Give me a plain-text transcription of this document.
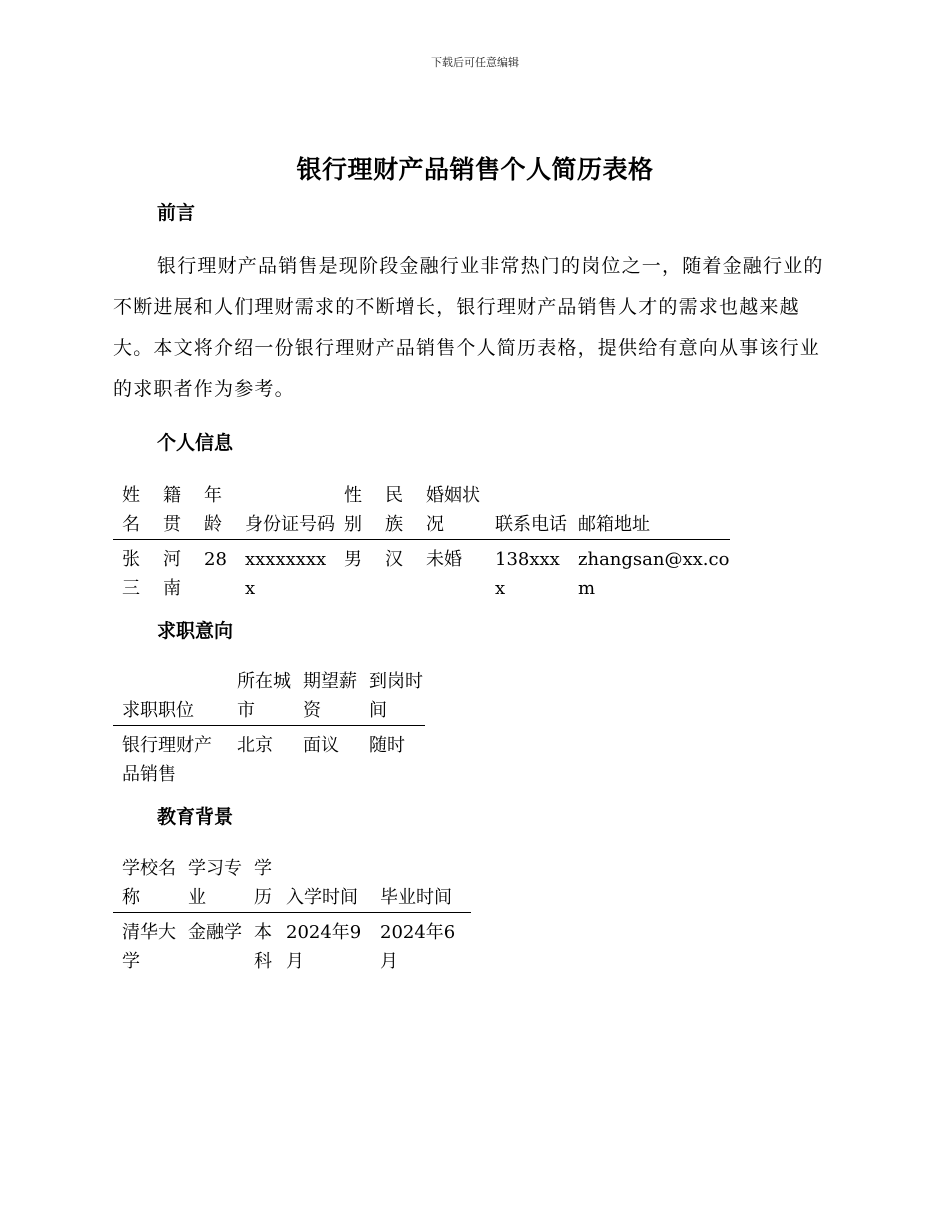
下载后可任意编辑
银行理财产品销售个人简历表格
前言

银行理财产品销售是现阶段金融行业非常热门的岗位之一，随着金融行业的不断进展和人们理财需求的不断增长，银行理财产品销售人才的需求也越来越大。本文将介绍一份银行理财产品销售个人简历表格，提供给有意向从事该行业的求职者作为参考。

个人信息
姓名	籍贯	年龄	身份证号码	性别	民族	婚姻状况	联系电话	邮箱地址
张三	河南	28	xxxxxxxxx	男	汉	未婚	138xxxx	zhangsan@xx.com
求职意向
求职职位	所在城市	期望薪资	到岗时间
银行理财产品销售	北京	面议	随时
教育背景
学校名称	学习专业	学历	入学时间	毕业时间
清华大学	金融学	本科	2024年9月	2024年6月
